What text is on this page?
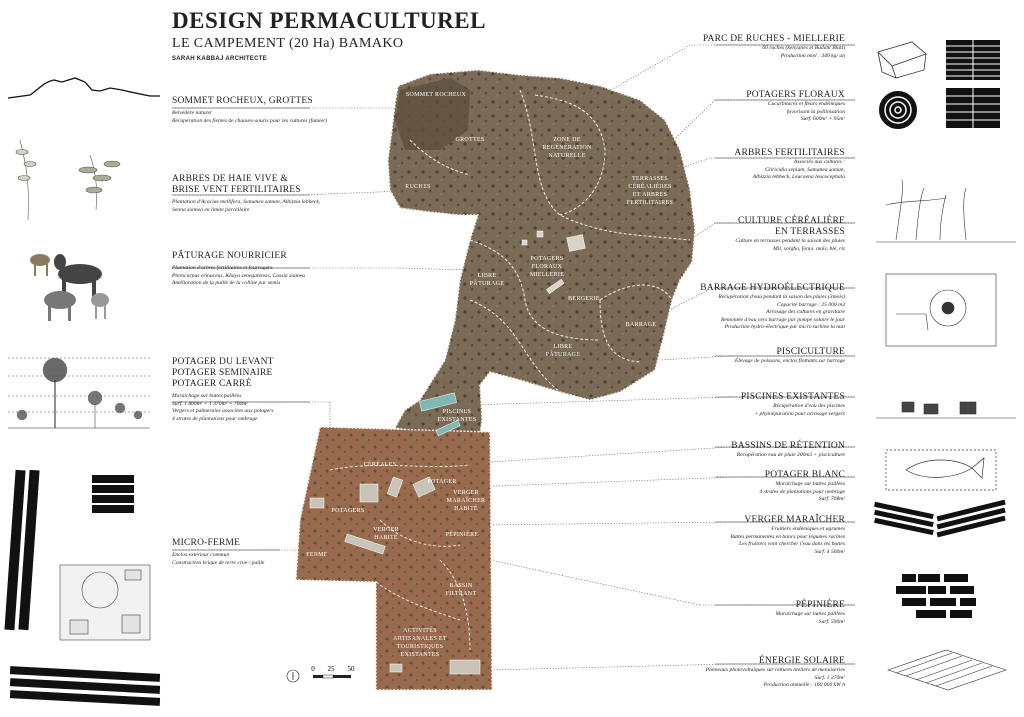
DESIGN PERMACULTUREL
LE CAMPEMENT (20 Ha) BAMAKO
SARAH KABBAJ ARCHITECTE
SOMMET ROCHEUX, GROTTES
Belvédère naturel
Récupération des fientes de chauves-souris pour les cultures (fumier)
ARBRES DE HAIE VIVE &
BRISE VENT FERTILITAIRES
Plantation d'Acacias mellifera, Samanea saman, Albizzia lebbeck,
Senna siamea en limite parcellaire
PÂTURAGE NOURRICIER
Plantation d'arbres fertilitaires et fourragers
Pterocarpus erinaceus, Khaya senegalensis, Cassia siamea
Amélioration de la paille de la colline par semis
POTAGER DU LEVANT
POTAGER SEMINAIRE
POTAGER CARRÉ
Maraîchage sur buttes paillées
Surf. 1 800m² + 1 370m² + 700m²
Vergers et palmeraies associées aux potagers
4 strates de plantations pour ombrage
MICRO-FERME
Enclos extérieur commun
Construction brique de terre crue / paille
PARC DE RUCHES - MIELLERIE
60 ruches (kenyanes et Budant Blatt)
Production miel : 340 kg/ an
POTAGERS FLORAUX
Cucurbitacés et fleurs endémiques
favorisant la pollinisation
Surf. 600m² + 95m²
ARBRES FERTILITAIRES
Associés aux cultures :
Gliricidia sepium, Samanea saman,
Albizzia lebbeck, Leucaena leucocephala
CULTURE CÉRÉALIÈRE
EN TERRASSES
Culture en terrasses pendant la saison des pluies
Mil, sorgho, fonio, maïs, blé, riz
BARRAGE HYDROÉLECTRIQUE
Récupération d'eau pendant la saison des pluies (3mois)
Capacité barrage : 25 000 m3
Arrosage des cultures en gravitaire
Remontée d'eau vers barrage par pompe solaire le jour
Production hydro-électrique par micro turbine la nuit
PISCICULTURE
Élevage de poissons, enclos flottants sur barrage
PISCINES EXISTANTES
Récupération d'eau des piscines
+ phytoépuration pour arrosage vergers
BASSINS DE RÉTENTION
Récupération eau de pluie 200m3 + pisciculture
POTAGER BLANC
Maraîchage sur buttes paillées
4 strates de plantations pour ombrage
Surf. 708m²
VERGER MARAÎCHER
Fruitiers endémiques et agrumes
Buttes permanentes en bancs pour légumes racines
Les fruitiers vont chercher l'eau dans les buttes
Surf. 4 500m²
PÉPINIÈRE
Maraîchage sur buttes paillées
Surf. 590m²
ÉNERGIE SOLAIRE
Panneaux photovoltaïques sur toitures ateliers de menuiseries
Surf. 1 270m²
Production annuelle : 160 000 kW h
SOMMET ROCHEUX
GROTTES
RUCHES
ZONE DE
RÉGÉNÉRATION
NATURELLE
TERRASSES
CÉRÉALIÈRES
ET ARBRES
FERTILITAIRES
POTAGERS
FLORAUX
MIELLERIE
LIBRE
PÂTURAGE
BERGERIE
BARRAGE
LIBRE
PÂTURAGE
PISCINES
EXISTANTES
CÉRÉALES
POTAGER
VERGER
MARAÎCHER
HABITÉ
POTAGERS
VERGER
HABITÉ	PÉPINIÈRE
FERME
BASSIN
FILTRANT
ACTIVITÉS
ARTISANALES ET
TOURISTIQUES
EXISTANTES
0 25 50
